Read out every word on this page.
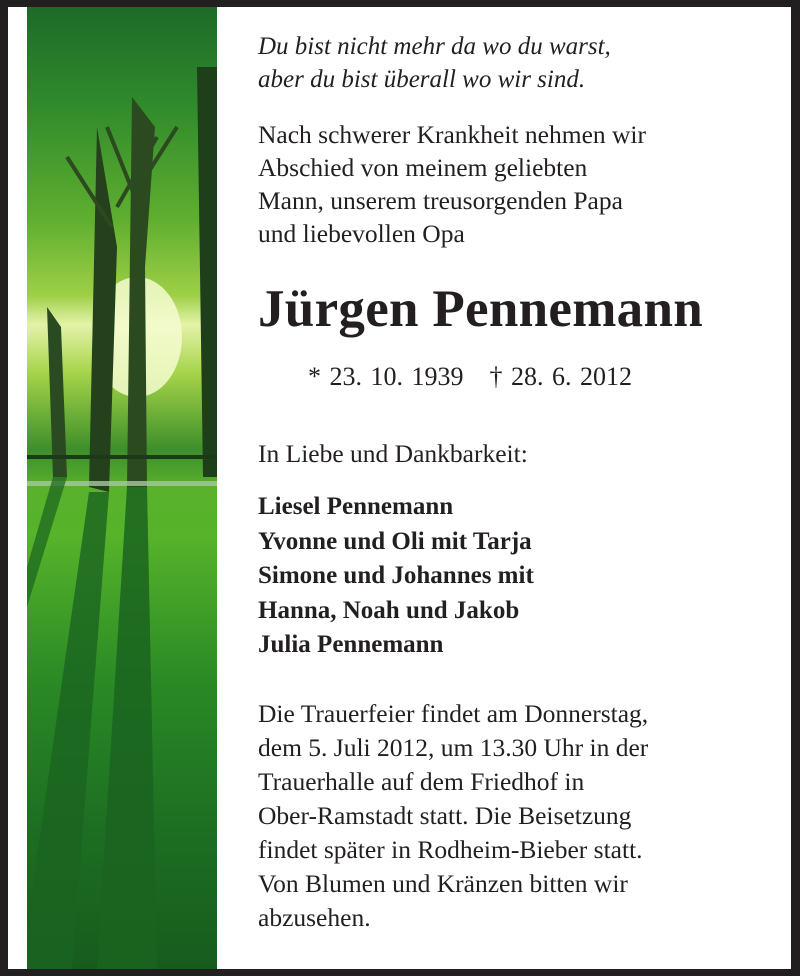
Du bist nicht mehr da wo du warst,
aber du bist überall wo wir sind.
Nach schwerer Krankheit nehmen wir
Abschied von meinem geliebten
Mann, unserem treusorgenden Papa
und liebevollen Opa
Jürgen Pennemann
* 23. 10. 1939 † 28. 6. 2012
In Liebe und Dankbarkeit:
Liesel Pennemann
Yvonne und Oli mit Tarja
Simone und Johannes mit
Hanna, Noah und Jakob
Julia Pennemann
Die Trauerfeier findet am Donnerstag,
dem 5. Juli 2012, um 13.30 Uhr in der
Trauerhalle auf dem Friedhof in
Ober-Ramstadt statt. Die Beisetzung
findet später in Rodheim-Bieber statt.
Von Blumen und Kränzen bitten wir
abzusehen.
